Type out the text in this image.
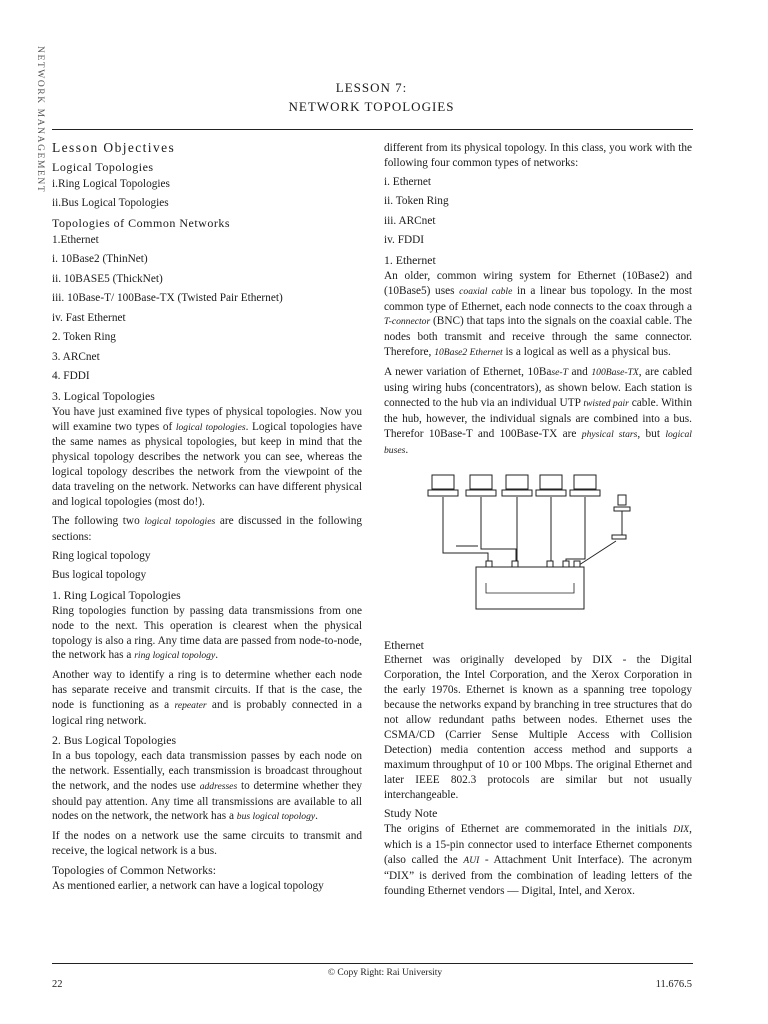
NETWORK MANAGEMENT	LESSON 7:
NETWORK TOPOLOGIES
Lesson Objectives
Logical Topologies
i.Ring Logical Topologies
ii.Bus Logical Topologies
Topologies of Common Networks
1.Ethernet
i. 10Base2 (ThinNet)
ii. 10BASE5 (ThickNet)
iii. 10Base-T/ 100Base-TX (Twisted Pair Ethernet)
iv. Fast Ethernet
2. Token Ring
3. ARCnet
4. FDDI
3. Logical Topologies

You have just examined five types of physical topologies. Now you will examine two types of logical topologies. Logical topologies have the same names as physical topologies, but keep in mind that the physical topology describes the network you can see, whereas the logical topology describes the network from the viewpoint of the data traveling on the network. Networks can have different physical and logical topologies (most do!).

The following two logical topologies are discussed in the following sections:

Ring logical topology
Bus logical topology
1. Ring Logical Topologies

Ring topologies function by passing data transmissions from one node to the next. This operation is clearest when the physical topology is also a ring. Any time data are passed from node-to-node, the network has a ring logical topology.

Another way to identify a ring is to determine whether each node has separate receive and transmit circuits. If that is the case, the node is functioning as a repeater and is probably connected in a logical ring network.

2. Bus Logical Topologies

In a bus topology, each data transmission passes by each node on the network. Essentially, each transmission is broadcast throughout the network, and the nodes use addresses to determine whether they should pay attention. Any time all transmissions are available to all nodes on the network, the network has a bus logical topology.

If the nodes on a network use the same circuits to transmit and receive, the logical network is a bus.

Topologies of Common Networks:

As mentioned earlier, a network can have a logical topology

different from its physical topology. In this class, you work with the following four common types of networks:

i. Ethernet
ii. Token Ring
iii. ARCnet
iv. FDDI
1. Ethernet

An older, common wiring system for Ethernet (10Base2) and (10Base5) uses coaxial cable in a linear bus topology. In the most common type of Ethernet, each node connects to the coax through a T-connector (BNC) that taps into the signals on the coaxial cable. The nodes both transmit and receive through the same connector. Therefore, 10Base2 Ethernet is a logical as well as a physical bus.

A newer variation of Ethernet, 10Base-T and 100Base-TX, are cabled using wiring hubs (concentrators), as shown below. Each station is connected to the hub via an individual UTP twisted pair cable. Within the hub, however, the individual signals are combined into a bus. Therefor 10Base-T and 100Base-TX are physical stars, but logical buses.

Ethernet

Ethernet was originally developed by DIX - the Digital Corporation, the Intel Corporation, and the Xerox Corporation in the early 1970s. Ethernet is known as a spanning tree topology because the networks expand by branching in tree structures that do not allow redundant paths between nodes. Ethernet uses the CSMA/CD (Carrier Sense Multiple Access with Collision Detection) media contention access method and supports a maximum throughput of 10 or 100 Mbps. The original Ethernet and later IEEE 802.3 protocols are similar but not usually interchangeable.

Study Note

The origins of Ethernet are commemorated in the initials DIX, which is a 15-pin connector used to interface Ethernet components (also called the AUI - Attachment Unit Interface). The acronym “DIX” is derived from the combination of leading letters of the founding Ethernet vendors — Digital, Intel, and Xerox.

© Copy Right: Rai University
22	11.676.5
